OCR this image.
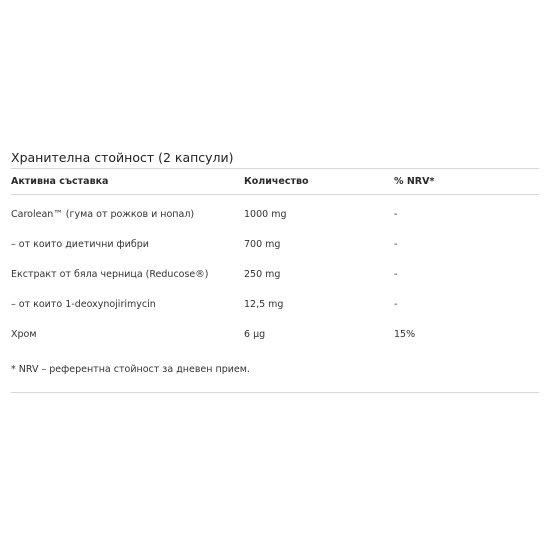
Хранителна стойност (2 капсули)
Активна съставка	Количество	% NRV*
Carolean™ (гума от рожков и нопал)	1000 mg	-
– от които диетични фибри	700 mg	-
Екстракт от бяла черница (Reducose®)	250 mg	-
– от които 1-deoxynojirimycin	12,5 mg	-
Хром	6 μg	15%
* NRV – референтна стойност за дневен прием.
